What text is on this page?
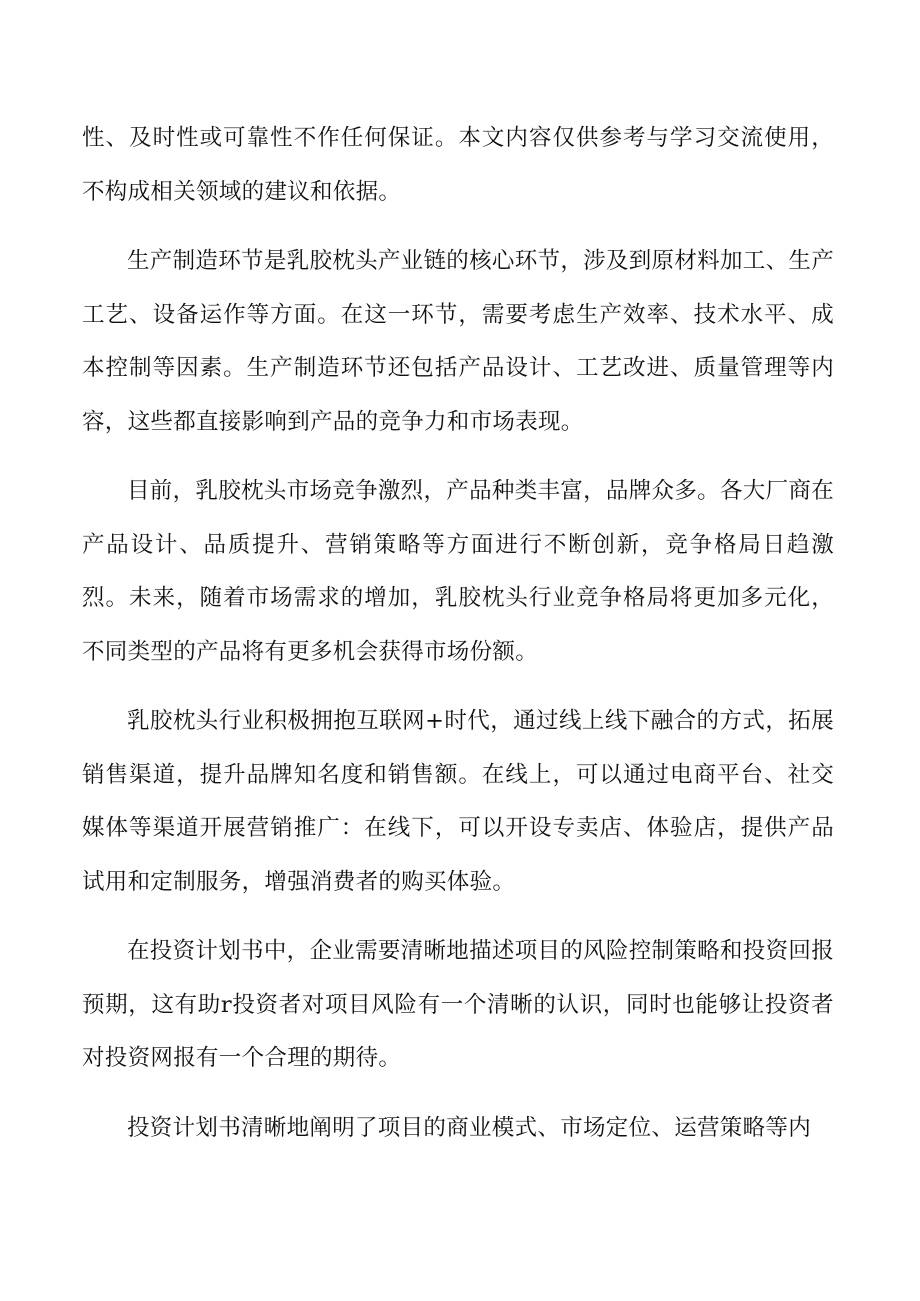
性、及时性或可靠性不作任何保证。本文内容仅供参考与学习交流使用，不构成相关领域的建议和依据。

生产制造环节是乳胶枕头产业链的核心环节，涉及到原材料加工、生产工艺、设备运作等方面。在这一环节，需要考虑生产效率、技术水平、成本控制等因素。生产制造环节还包括产品设计、工艺改进、质量管理等内容，这些都直接影响到产品的竞争力和市场表现。

目前，乳胶枕头市场竞争激烈，产品种类丰富，品牌众多。各大厂商在产品设计、品质提升、营销策略等方面进行不断创新，竞争格局日趋激烈。未来，随着市场需求的增加，乳胶枕头行业竞争格局将更加多元化，不同类型的产品将有更多机会获得市场份额。

乳胶枕头行业积极拥抱互联网+时代，通过线上线下融合的方式，拓展销售渠道，提升品牌知名度和销售额。在线上，可以通过电商平台、社交媒体等渠道开展营销推广：在线下，可以开设专卖店、体验店，提供产品试用和定制服务，增强消费者的购买体验。

在投资计划书中，企业需要清晰地描述项目的风险控制策略和投资回报预期，这有助r投资者对项目风险有一个清晰的认识，同时也能够让投资者对投资网报有一个合理的期待。

投资计划书清晰地阐明了项目的商业模式、市场定位、运营策略等内
